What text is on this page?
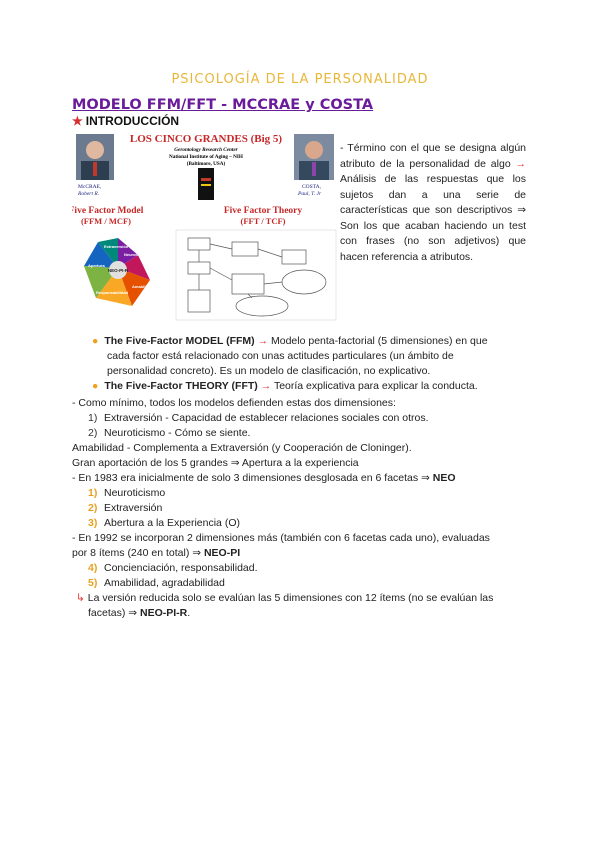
PSICOLOGÍA DE LA PERSONALIDAD
MODELO FFM/FFT - MCCRAE y COSTA
★ INTRODUCCIÓN
McCRAE,
Robert R.
COSTA,
Paul, T. Jr
LOS CINCO GRANDES (Big 5)
Gerontology Research Center
National Institute of Aging – NIH
(Baltimore, USA)
Five Factor Model
(FFM / MCF)
Five Factor Theory
(FFT / TCF)
NEO-PI-R
Extraversión
Neuroticismo
Amabilidad
Responsabilidad
Apertura
- Término con el que se designa algún atributo de la personalidad de algo → Análisis de las respuestas que los sujetos dan a una serie de características que son descriptivos ⇒ Son los que acaban haciendo un test con frases (no son adjetivos) que hacen referencia a atributos.
● The Five-Factor MODEL (FFM) → Modelo penta-factorial (5 dimensiones) en que
cada factor está relacionado con unas actitudes particulares (un ámbito de
personalidad concreto). Es un modelo de clasificación, no explicativo.
● The Five-Factor THEORY (FFT) → Teoría explicativa para explicar la conducta.
- Como mínimo, todos los modelos defienden estas dos dimensiones:
1) Extraversión - Capacidad de establecer relaciones sociales con otros.
2) Neuroticismo - Cómo se siente.
Amabilidad - Complementa a Extraversión (y Cooperación de Cloninger).
Gran aportación de los 5 grandes ⇒ Apertura a la experiencia
- En 1983 era inicialmente de solo 3 dimensiones desglosada en 6 facetas ⇒ NEO
1) Neuroticismo
2) Extraversión
3) Abertura a la Experiencia (O)
- En 1992 se incorporan 2 dimensiones más (también con 6 facetas cada uno), evaluadas
por 8 ítems (240 en total) ⇒ NEO-PI
4) Concienciación, responsabilidad.
5) Amabilidad, agradabilidad
↳ La versión reducida solo se evalúan las 5 dimensiones con 12 ítems (no se evalúan las
facetas) ⇒ NEO-PI-R.
